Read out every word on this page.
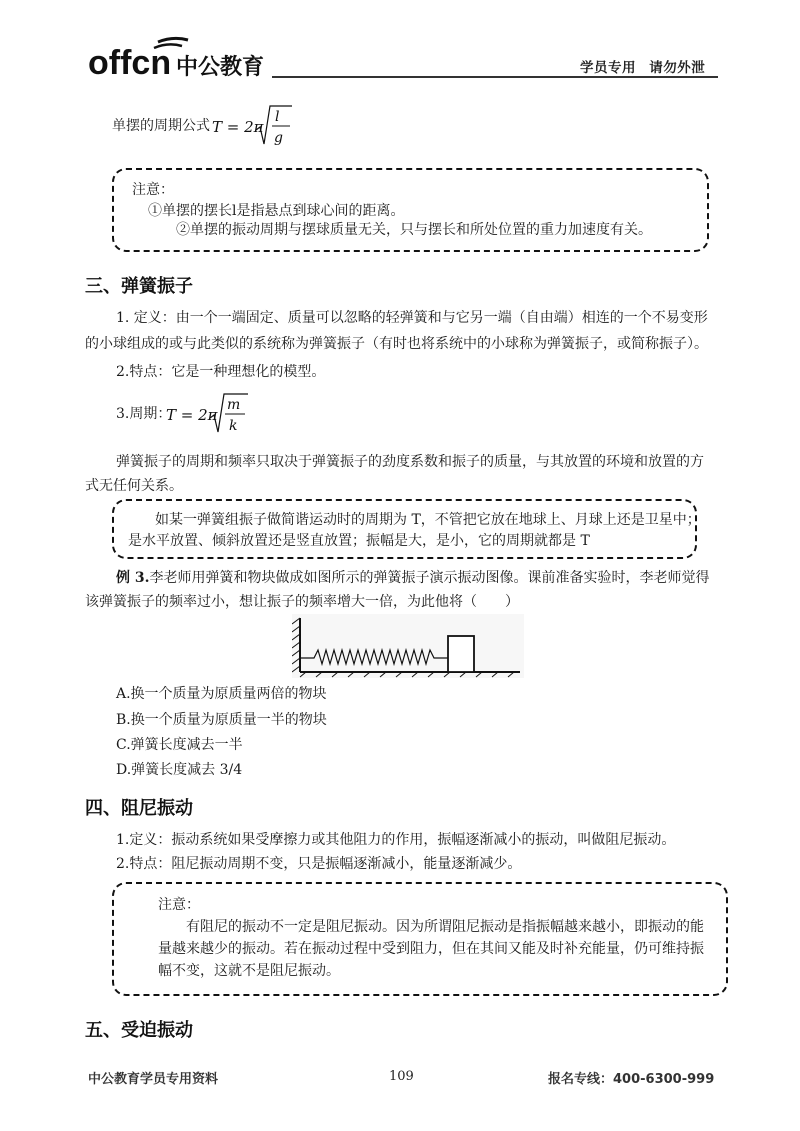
offcn 中公教育	学员专用 请勿外泄
单摆的周期公式 T = 2π
l
g
注意：
①单摆的摆长l是指悬点到球心间的距离。
②单摆的振动周期与摆球质量无关，只与摆长和所处位置的重力加速度有关。
三、弹簧振子
1. 定义：由一个一端固定、质量可以忽略的轻弹簧和与它另一端（自由端）相连的一个不易变形
的小球组成的或与此类似的系统称为弹簧振子（有时也将系统中的小球称为弹簧振子，或简称振子）。
2.特点：它是一种理想化的模型。
3.周期：
T = 2π
m
k
弹簧振子的周期和频率只取决于弹簧振子的劲度系数和振子的质量，与其放置的环境和放置的方
式无任何关系。
如某一弹簧组振子做简谐运动时的周期为 T，不管把它放在地球上、月球上还是卫星中；
是水平放置、倾斜放置还是竖直放置；振幅是大，是小，它的周期就都是 T
例 3.李老师用弹簧和物块做成如图所示的弹簧振子演示振动图像。课前准备实验时，李老师觉得
该弹簧振子的频率过小，想让振子的频率增大一倍，为此他将（　　）
A.换一个质量为原质量两倍的物块
B.换一个质量为原质量一半的物块
C.弹簧长度减去一半
D.弹簧长度减去 3/4
四、阻尼振动
1.定义：振动系统如果受摩擦力或其他阻力的作用，振幅逐渐减小的振动，叫做阻尼振动。
2.特点：阻尼振动周期不变，只是振幅逐渐减小，能量逐渐减少。
注意：
有阻尼的振动不一定是阻尼振动。因为所谓阻尼振动是指振幅越来越小，即振动的能
量越来越少的振动。若在振动过程中受到阻力，但在其间又能及时补充能量，仍可维持振
幅不变，这就不是阻尼振动。
五、受迫振动
中公教育学员专用资料	109	报名专线：400-6300-999
